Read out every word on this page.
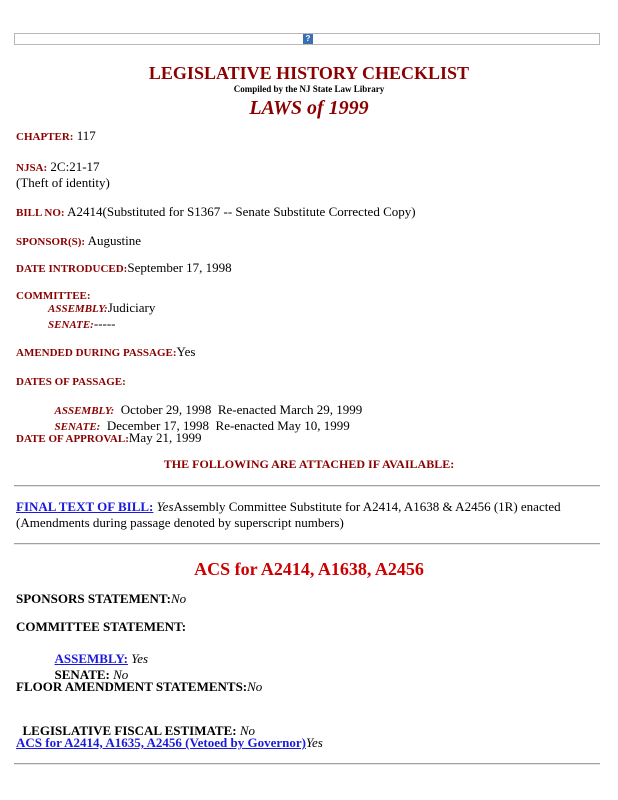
?
LEGISLATIVE HISTORY CHECKLIST
Compiled by the NJ State Law Library
LAWS of 1999
CHAPTER: 117
NJSA: 2C:21-17
(Theft of identity)
BILL NO: A2414(Substituted for S1367 -- Senate Substitute Corrected Copy)
SPONSOR(S): Augustine
DATE INTRODUCED:September 17, 1998
COMMITTEE:
ASSEMBLY:Judiciary
SENATE:-----
AMENDED DURING PASSAGE:Yes
DATES OF PASSAGE:

ASSEMBLY:  October 29, 1998  Re-enacted March 29, 1999

SENATE:  December 17, 1998  Re-enacted May 10, 1999

DATE OF APPROVAL:May 21, 1999
THE FOLLOWING ARE ATTACHED IF AVAILABLE:
FINAL TEXT OF BILL: YesAssembly Committee Substitute for A2414, A1638 & A2456 (1R) enacted
(Amendments during passage denoted by superscript numbers)
ACS for A2414, A1638, A2456
SPONSORS STATEMENT:No
COMMITTEE STATEMENT:

ASSEMBLY: Yes

SENATE: No

FLOOR AMENDMENT STATEMENTS:No

LEGISLATIVE FISCAL ESTIMATE: No

ACS for A2414, A1635, A2456 (Vetoed by Governor)Yes
